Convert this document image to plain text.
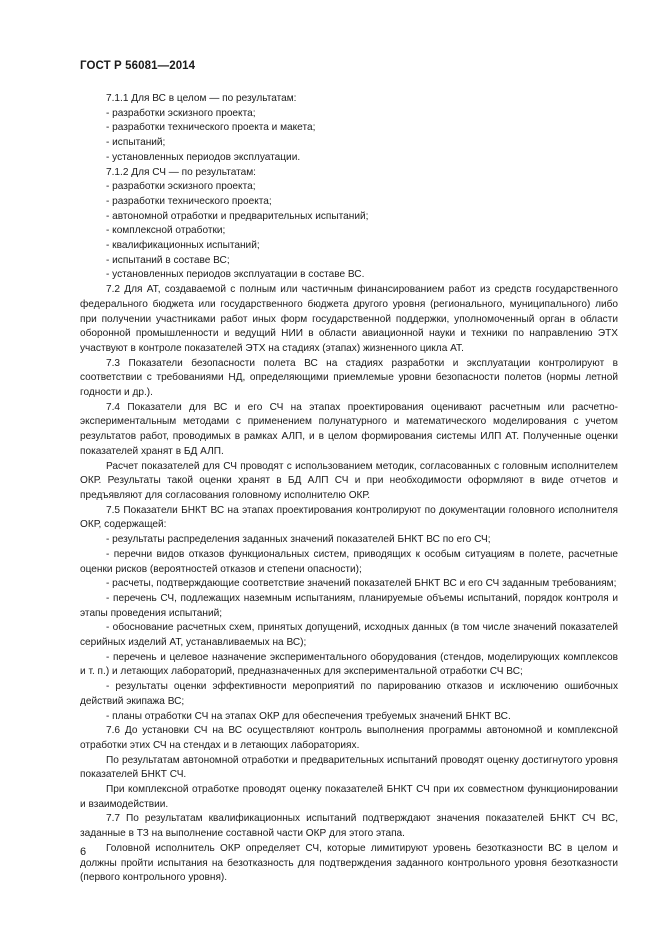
ГОСТ Р 56081—2014

7.1.1 Для ВС в целом — по результатам:

- разработки эскизного проекта;

- разработки технического проекта и макета;

- испытаний;

- установленных периодов эксплуатации.

7.1.2 Для СЧ — по результатам:

- разработки эскизного проекта;

- разработки технического проекта;

- автономной отработки и предварительных испытаний;

- комплексной отработки;

- квалификационных испытаний;

- испытаний в составе ВС;

- установленных периодов эксплуатации в составе ВС.

7.2 Для АТ, создаваемой с полным или частичным финансированием работ из средств государственного федерального бюджета или государственного бюджета другого уровня (регионального, муниципального) либо при получении участниками работ иных форм государственной поддержки, уполномоченный орган в области оборонной промышленности и ведущий НИИ в области авиационной науки и техники по направлению ЭТХ участвуют в контроле показателей ЭТХ на стадиях (этапах) жизненного цикла АТ.

7.3 Показатели безопасности полета ВС на стадиях разработки и эксплуатации контролируют в соответствии с требованиями НД, определяющими приемлемые уровни безопасности полетов (нормы летной годности и др.).

7.4 Показатели для ВС и его СЧ на этапах проектирования оценивают расчетным или расчетно-экспериментальным методами с применением полунатурного и математического моделирования с учетом результатов работ, проводимых в рамках АЛП, и в целом формирования системы ИЛП АТ. Полученные оценки показателей хранят в БД АЛП.

Расчет показателей для СЧ проводят с использованием методик, согласованных с головным исполнителем ОКР. Результаты такой оценки хранят в БД АЛП СЧ и при необходимости оформляют в виде отчетов и предъявляют для согласования головному исполнителю ОКР.

7.5 Показатели БНКТ ВС на этапах проектирования контролируют по документации головного исполнителя ОКР, содержащей:

- результаты распределения заданных значений показателей БНКТ ВС по его СЧ;

- перечни видов отказов функциональных систем, приводящих к особым ситуациям в полете, расчетные оценки рисков (вероятностей отказов и степени опасности);

- расчеты, подтверждающие соответствие значений показателей БНКТ ВС и его СЧ заданным требованиям;

- перечень СЧ, подлежащих наземным испытаниям, планируемые объемы испытаний, порядок контроля и этапы проведения испытаний;

- обоснование расчетных схем, принятых допущений, исходных данных (в том числе значений показателей серийных изделий АТ, устанавливаемых на ВС);

- перечень и целевое назначение экспериментального оборудования (стендов, моделирующих комплексов и т. п.) и летающих лабораторий, предназначенных для экспериментальной отработки СЧ ВС;

- результаты оценки эффективности мероприятий по парированию отказов и исключению ошибочных действий экипажа ВС;

- планы отработки СЧ на этапах ОКР для обеспечения требуемых значений БНКТ ВС.

7.6 До установки СЧ на ВС осуществляют контроль выполнения программы автономной и комплексной отработки этих СЧ на стендах и в летающих лабораториях.

По результатам автономной отработки и предварительных испытаний проводят оценку достигнутого уровня показателей БНКТ СЧ.

При комплексной отработке проводят оценку показателей БНКТ СЧ при их совместном функционировании и взаимодействии.

7.7 По результатам квалификационных испытаний подтверждают значения показателей БНКТ СЧ ВС, заданные в ТЗ на выполнение составной части ОКР для этого этапа.

Головной исполнитель ОКР определяет СЧ, которые лимитируют уровень безотказности ВС в целом и должны пройти испытания на безотказность для подтверждения заданного контрольного уровня безотказности (первого контрольного уровня).

6
